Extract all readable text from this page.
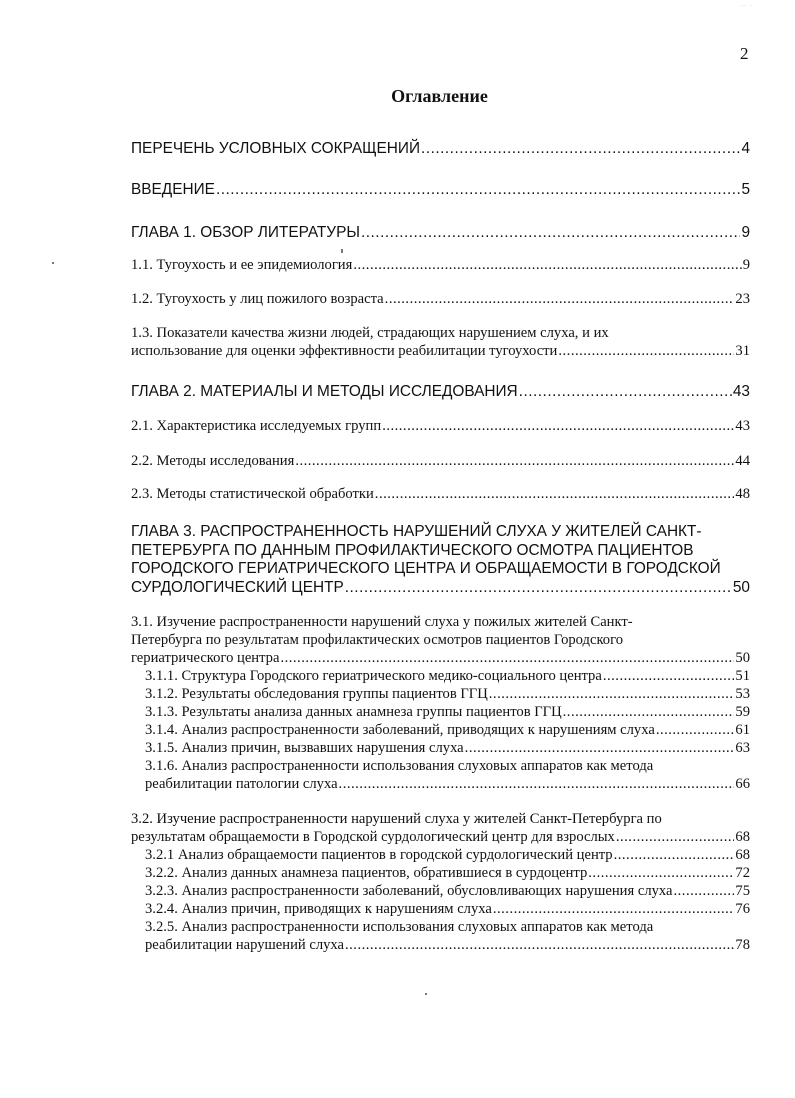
·· ·
2
Оглавление
ПЕРЕЧЕНЬ УСЛОВНЫХ СОКРАЩЕНИЙ .....	4
ВВЕДЕНИЕ .....	5
ГЛАВА 1. ОБЗОР ЛИТЕРАТУРЫ .....	9
1.1. Тугоухость и ее эпидемиология .....	9
1.2. Тугоухость у лиц пожилого возраста .....	23
1.3. Показатели качества жизни людей, страдающих нарушением слуха, и их
использование для оценки эффективности реабилитации тугоухости .....	31
ГЛАВА 2. МАТЕРИАЛЫ И МЕТОДЫ ИССЛЕДОВАНИЯ .....	43
2.1. Характеристика исследуемых групп .....	43
2.2. Методы исследования .....	44
2.3. Методы статистической обработки .....	48
ГЛАВА 3. РАСПРОСТРАНЕННОСТЬ НАРУШЕНИЙ СЛУХА У ЖИТЕЛЕЙ САНКТ-
ПЕТЕРБУРГА ПО ДАННЫМ ПРОФИЛАКТИЧЕСКОГО ОСМОТРА ПАЦИЕНТОВ
ГОРОДСКОГО ГЕРИАТРИЧЕСКОГО ЦЕНТРА И ОБРАЩАЕМОСТИ В ГОРОДСКОЙ
СУРДОЛОГИЧЕСКИЙ ЦЕНТР .....	50
3.1. Изучение распространенности нарушений слуха у пожилых жителей Санкт-
Петербурга по результатам профилактических осмотров пациентов Городского
гериатрического центра .....	50
3.1.1. Структура Городского гериатрического медико-социального центра .....	51
3.1.2. Результаты обследования группы пациентов ГГЦ .....	53
3.1.3. Результаты анализа данных анамнеза группы пациентов ГГЦ .....	59
3.1.4. Анализ распространенности заболеваний, приводящих к нарушениям слуха .....	61
3.1.5. Анализ причин, вызвавших нарушения слуха .....	63
3.1.6. Анализ распространенности использования слуховых аппаратов как метода
реабилитации патологии слуха .....	66
3.2. Изучение распространенности нарушений слуха у жителей Санкт-Петербурга по
результатам обращаемости в Городской сурдологический центр для взрослых .....	68
3.2.1 Анализ обращаемости пациентов в городской сурдологический центр .....	68
3.2.2. Анализ данных анамнеза пациентов, обратившиеся в сурдоцентр .....	72
3.2.3. Анализ распространенности заболеваний, обусловливающих нарушения слуха .....	75
3.2.4. Анализ причин, приводящих к нарушениям слуха .....	76
3.2.5. Анализ распространенности использования слуховых аппаратов как метода
реабилитации нарушений слуха .....	78
